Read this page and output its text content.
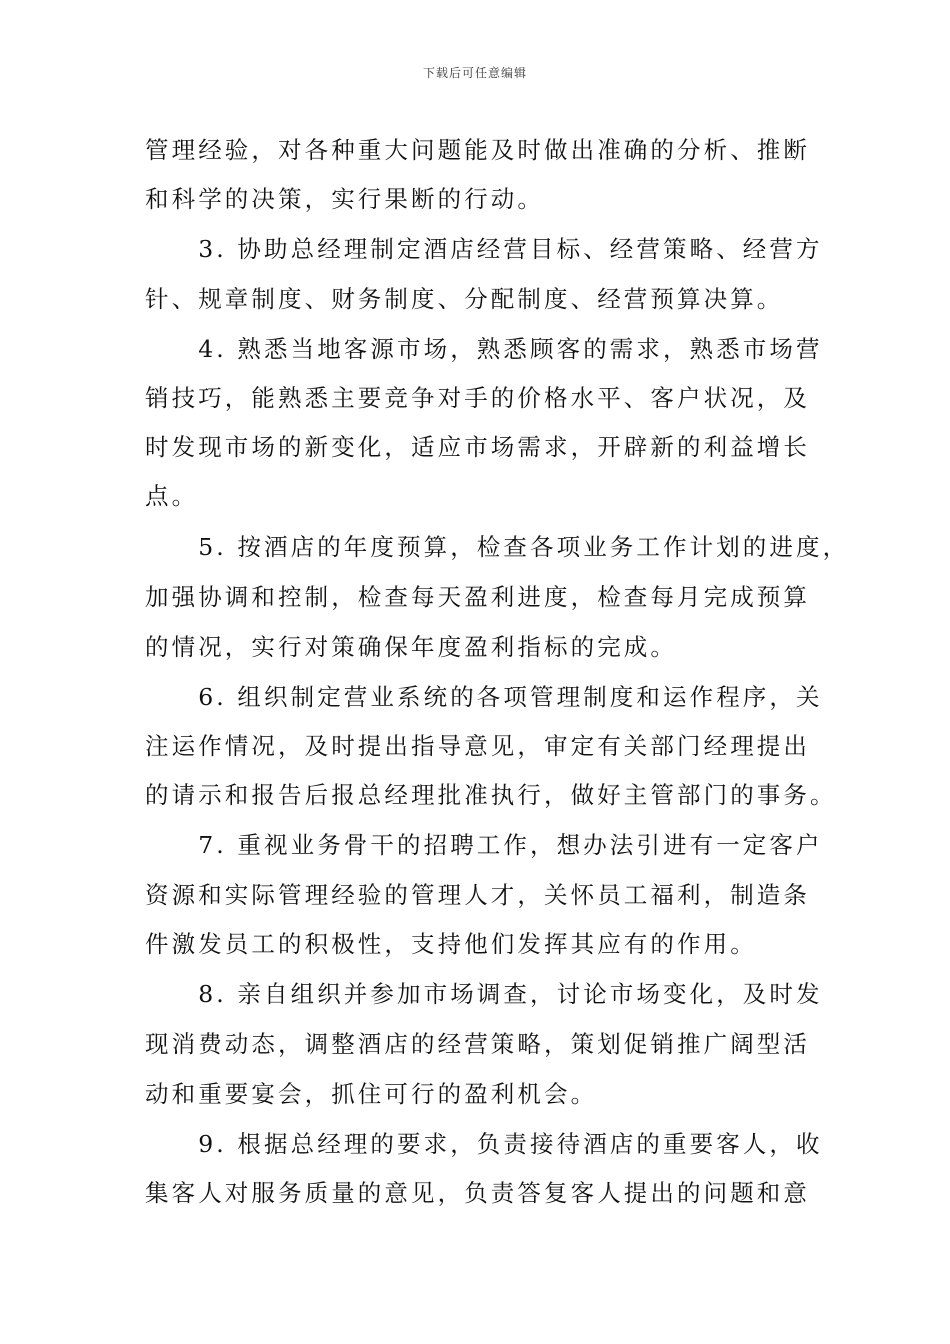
下载后可任意编辑
管理经验，对各种重大问题能及时做出准确的分析、推断
和科学的决策，实行果断的行动。
　　3. 协助总经理制定酒店经营目标、经营策略、经营方
针、规章制度、财务制度、分配制度、经营预算决算。
　　4. 熟悉当地客源市场，熟悉顾客的需求，熟悉市场营
销技巧，能熟悉主要竞争对手的价格水平、客户状况，及
时发现市场的新变化，适应市场需求，开辟新的利益增长
点。
　　5. 按酒店的年度预算，检查各项业务工作计划的进度，
加强协调和控制，检查每天盈利进度，检查每月完成预算
的情况，实行对策确保年度盈利指标的完成。
　　6. 组织制定营业系统的各项管理制度和运作程序，关
注运作情况，及时提出指导意见，审定有关部门经理提出
的请示和报告后报总经理批准执行，做好主管部门的事务。
　　7. 重视业务骨干的招聘工作，想办法引进有一定客户
资源和实际管理经验的管理人才，关怀员工福利，制造条
件激发员工的积极性，支持他们发挥其应有的作用。
　　8. 亲自组织并参加市场调查，讨论市场变化，及时发
现消费动态，调整酒店的经营策略，策划促销推广阔型活
动和重要宴会，抓住可行的盈利机会。
　　9. 根据总经理的要求，负责接待酒店的重要客人，收
集客人对服务质量的意见，负责答复客人提出的问题和意
